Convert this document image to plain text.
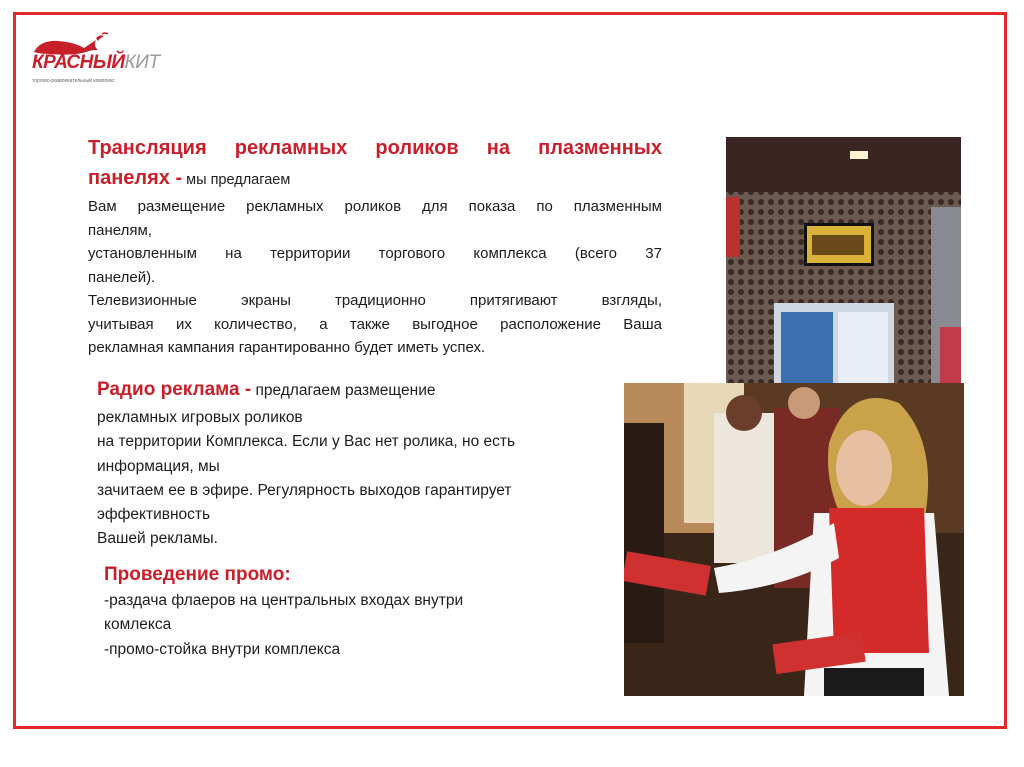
КРАСНЫЙКИТ
торгово-развлекательный комплекс
Трансляция рекламных роликов на плазменных
панелях - мы предлагаем
Вам размещение рекламных роликов для показа по плазменным
панелям,
установленным на территории торгового комплекса (всего 37
панелей).
Телевизионные экраны традиционно притягивают взгляды,
учитывая их количество, а также выгодное расположение Ваша
рекламная кампания гарантированно будет иметь успех.
Радио реклама - предлагаем размещение
рекламных игровых роликов
на территории Комплекса. Если у Вас нет ролика, но есть
информация, мы
зачитаем ее в эфире. Регулярность выходов гарантирует
эффективность
Вашей рекламы.
Проведение промо:
-раздача флаеров на центральных входах внутри
комлекса
-промо-стойка внутри комплекса
